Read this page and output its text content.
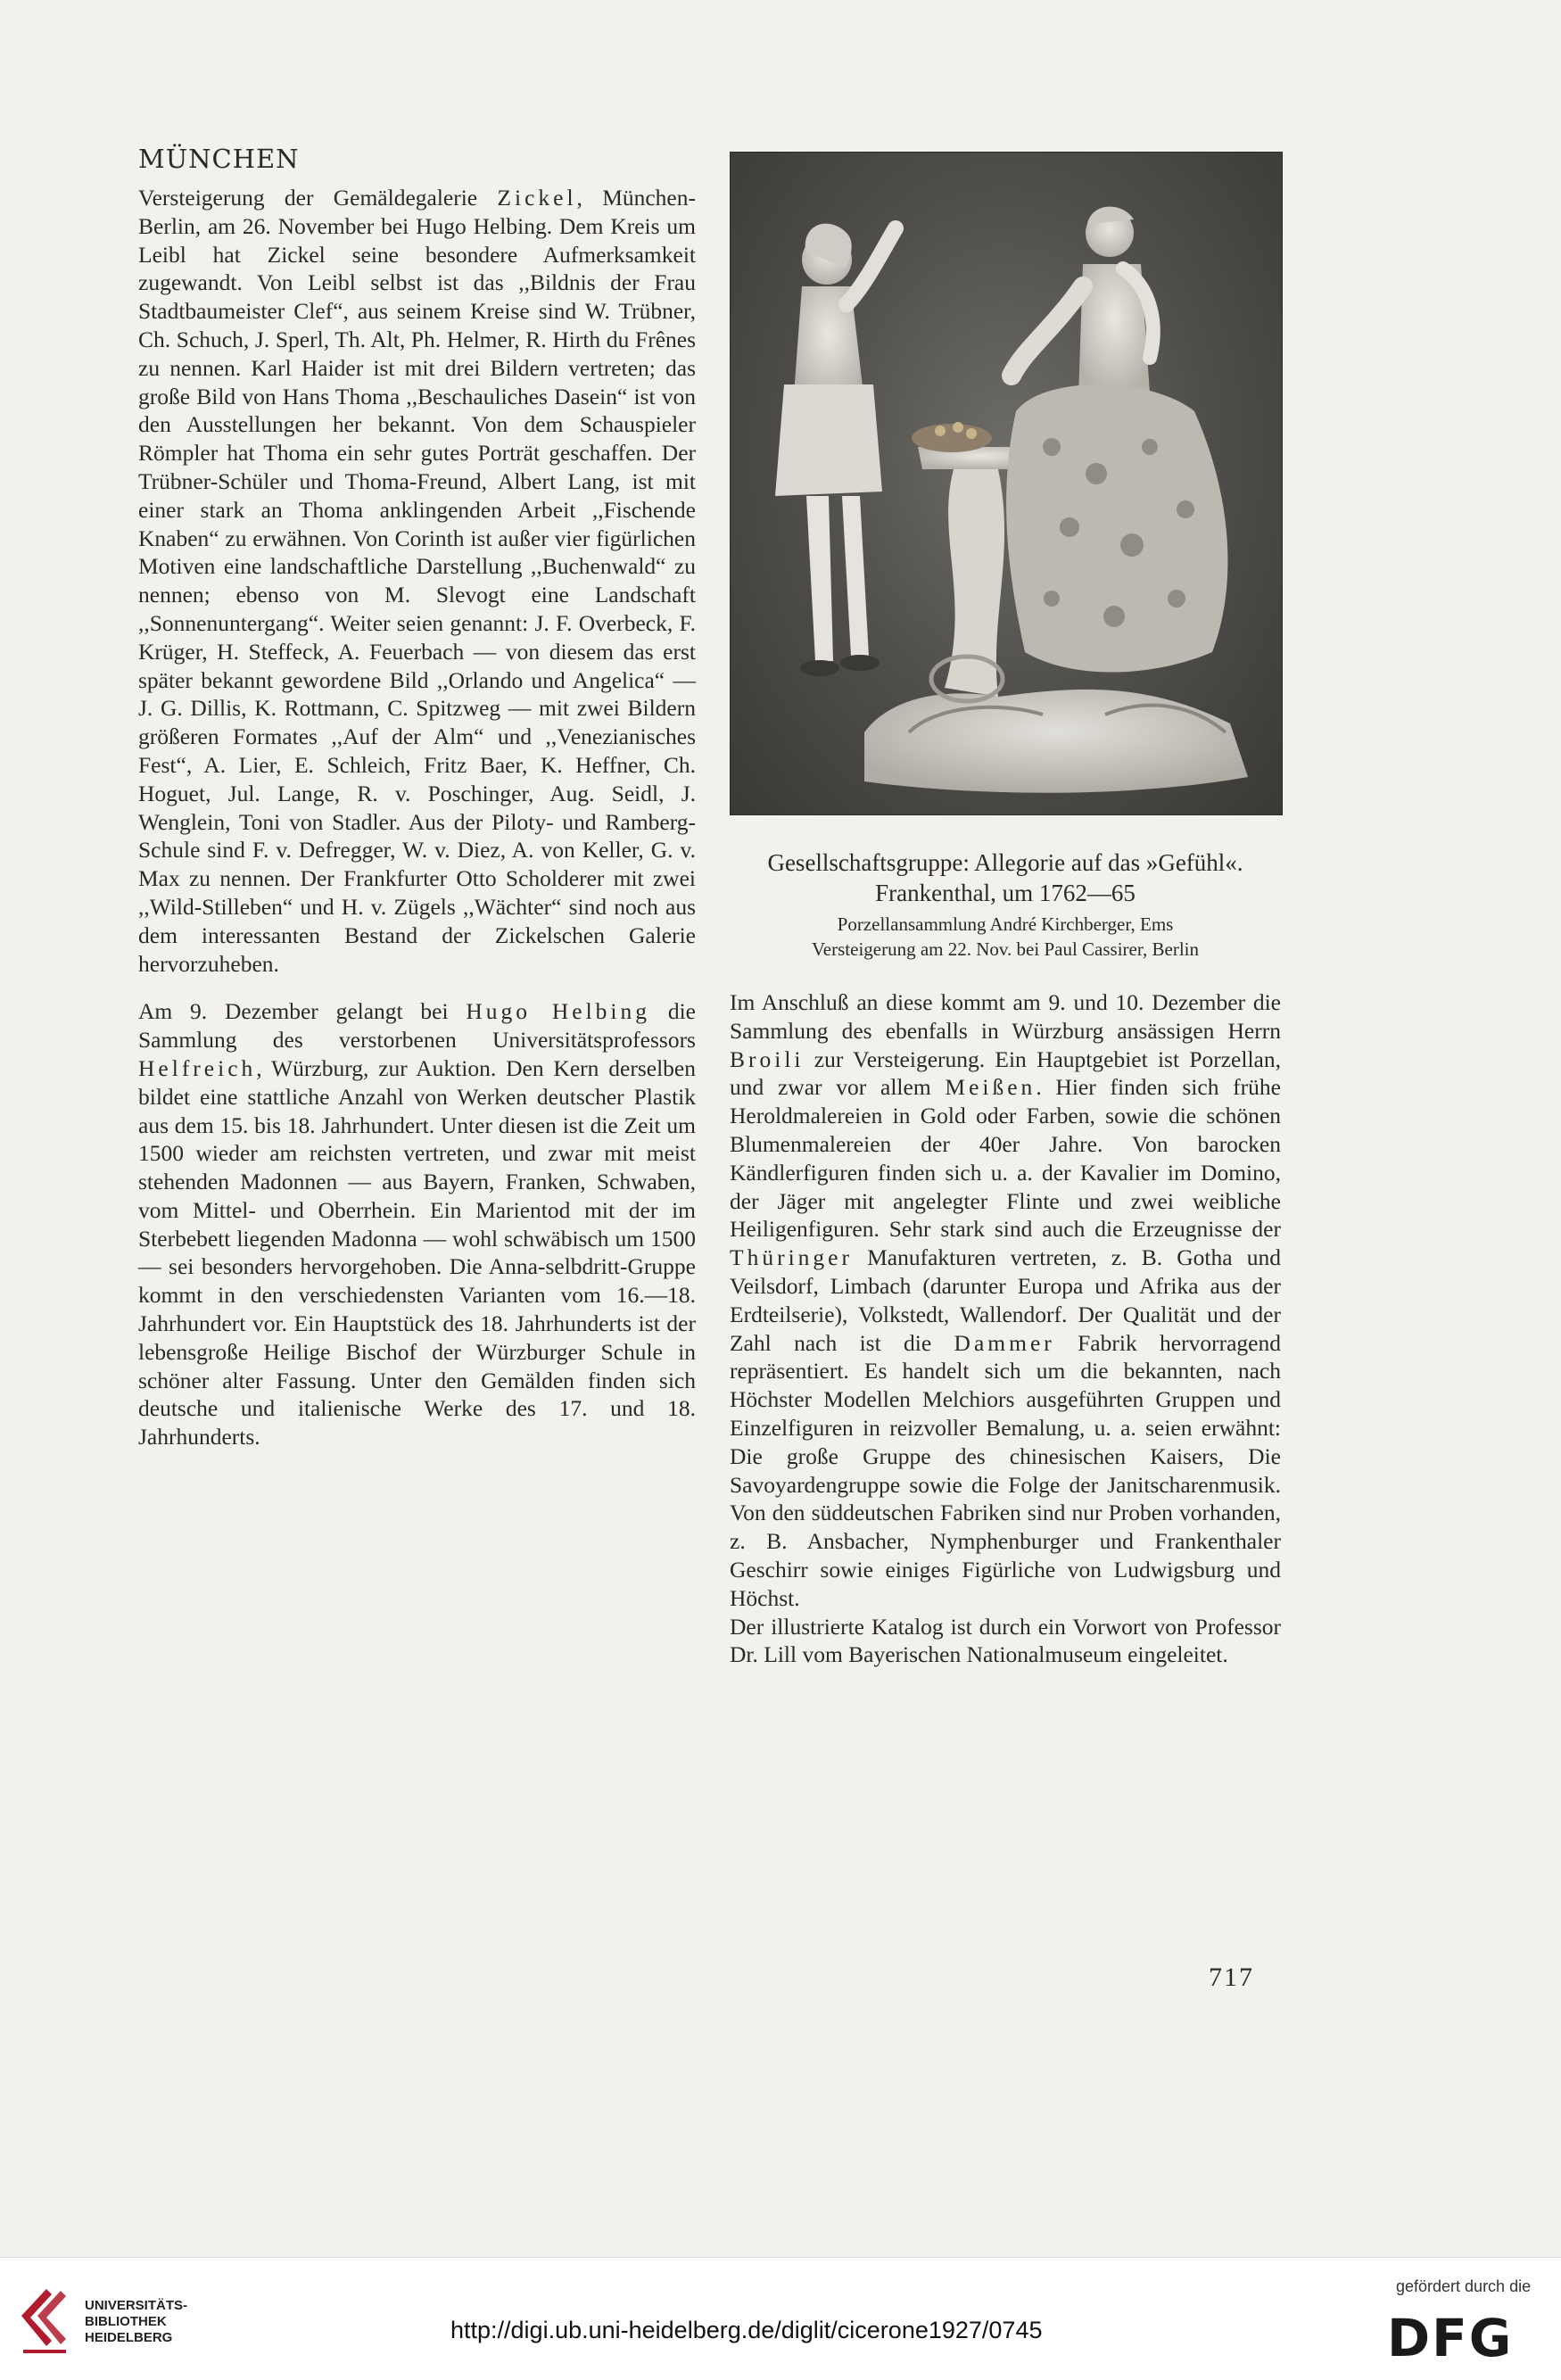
MÜNCHEN

Versteigerung der Gemäldegalerie Zickel, München-Berlin, am 26. November bei Hugo Helbing. Dem Kreis um Leibl hat Zickel seine besondere Aufmerksamkeit zugewandt. Von Leibl selbst ist das ,,Bildnis der Frau Stadtbaumeister Clef“, aus seinem Kreise sind W. Trübner, Ch. Schuch, J. Sperl, Th. Alt, Ph. Helmer, R. Hirth du Frênes zu nennen. Karl Haider ist mit drei Bildern vertreten; das große Bild von Hans Thoma ,,Beschauliches Dasein“ ist von den Ausstellungen her bekannt. Von dem Schauspieler Römpler hat Thoma ein sehr gutes Porträt geschaffen. Der Trübner-Schüler und Thoma-Freund, Albert Lang, ist mit einer stark an Thoma anklingenden Arbeit ,,Fischende Knaben“ zu erwähnen. Von Corinth ist außer vier figürlichen Motiven eine landschaftliche Darstellung ,,Buchenwald“ zu nennen; ebenso von M. Slevogt eine Landschaft ,,Sonnenuntergang“. Weiter seien genannt: J. F. Overbeck, F. Krüger, H. Steffeck, A. Feuerbach — von diesem das erst später bekannt gewordene Bild ,,Orlando und Angelica“ — J. G. Dillis, K. Rottmann, C. Spitzweg — mit zwei Bildern größeren Formates ,,Auf der Alm“ und ,,Venezianisches Fest“, A. Lier, E. Schleich, Fritz Baer, K. Heffner, Ch. Hoguet, Jul. Lange, R. v. Poschinger, Aug. Seidl, J. Wenglein, Toni von Stadler. Aus der Piloty- und Ramberg-Schule sind F. v. Defregger, W. v. Diez, A. von Keller, G. v. Max zu nennen. Der Frankfurter Otto Scholderer mit zwei ,,Wild-Stilleben“ und H. v. Zügels ,,Wächter“ sind noch aus dem interessanten Bestand der Zickelschen Galerie hervorzuheben.

Am 9. Dezember gelangt bei Hugo Helbing die Sammlung des verstorbenen Universitätsprofessors Helfreich, Würzburg, zur Auktion. Den Kern derselben bildet eine stattliche Anzahl von Werken deutscher Plastik aus dem 15. bis 18. Jahrhundert. Unter diesen ist die Zeit um 1500 wieder am reichsten vertreten, und zwar mit meist stehenden Madonnen — aus Bayern, Franken, Schwaben, vom Mittel- und Oberrhein. Ein Marientod mit der im Sterbebett liegenden Madonna — wohl schwäbisch um 1500 — sei besonders hervorgehoben. Die Anna-selbdritt-Gruppe kommt in den verschiedensten Varianten vom 16.—18. Jahrhundert vor. Ein Hauptstück des 18. Jahrhunderts ist der lebensgroße Heilige Bischof der Würzburger Schule in schöner alter Fassung. Unter den Gemälden finden sich deutsche und italienische Werke des 17. und 18. Jahrhunderts.

Gesellschaftsgruppe: Allegorie auf das »Gefühl«. Frankenthal, um 1762—65

Porzellansammlung André Kirchberger, Ems

Versteigerung am 22. Nov. bei Paul Cassirer, Berlin

Im Anschluß an diese kommt am 9. und 10. Dezember die Sammlung des ebenfalls in Würzburg ansässigen Herrn Broili zur Versteigerung. Ein Hauptgebiet ist Porzellan, und zwar vor allem Meißen. Hier finden sich frühe Heroldmalereien in Gold oder Farben, sowie die schönen Blumenmalereien der 40er Jahre. Von barocken Kändlerfiguren finden sich u. a. der Kavalier im Domino, der Jäger mit angelegter Flinte und zwei weibliche Heiligenfiguren. Sehr stark sind auch die Erzeugnisse der Thüringer Manufakturen vertreten, z. B. Gotha und Veilsdorf, Limbach (darunter Europa und Afrika aus der Erdteilserie), Volkstedt, Wallendorf. Der Qualität und der Zahl nach ist die Dammer Fabrik hervorragend repräsentiert. Es handelt sich um die bekannten, nach Höchster Modellen Melchiors ausgeführten Gruppen und Einzelfiguren in reizvoller Bemalung, u. a. seien erwähnt: Die große Gruppe des chinesischen Kaisers, Die Savoyardengruppe sowie die Folge der Janitscharenmusik. Von den süddeutschen Fabriken sind nur Proben vorhanden, z. B. Ansbacher, Nymphenburger und Frankenthaler Geschirr sowie einiges Figürliche von Ludwigsburg und Höchst.

Der illustrierte Katalog ist durch ein Vorwort von Professor Dr. Lill vom Bayerischen Nationalmuseum eingeleitet.

717
UNIVERSITÄTS-
BIBLIOTHEK
HEIDELBERG	http://digi.ub.uni-heidelberg.de/diglit/cicerone1927/0745
gefördert durch die
DFG
